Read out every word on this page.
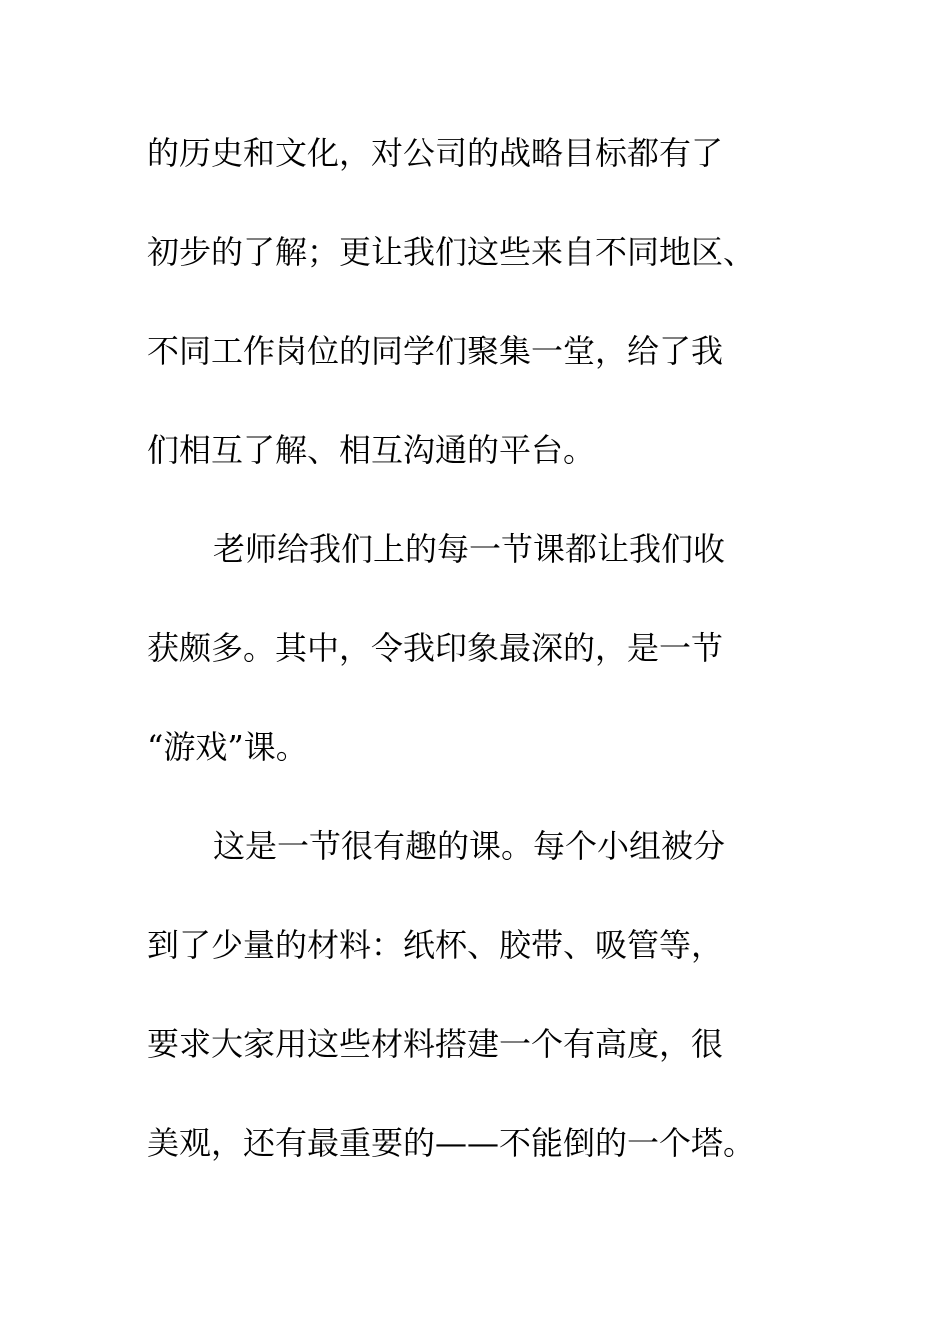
的历史和文化，对公司的战略目标都有了
初步的了解；更让我们这些来自不同地区、
不同工作岗位的同学们聚集一堂，给了我
们相互了解、相互沟通的平台。
老师给我们上的每一节课都让我们收
获颇多。其中，令我印象最深的，是一节
“游戏”课。
这是一节很有趣的课。每个小组被分
到了少量的材料：纸杯、胶带、吸管等，
要求大家用这些材料搭建一个有高度，很
美观，还有最重要的——不能倒的一个塔。
